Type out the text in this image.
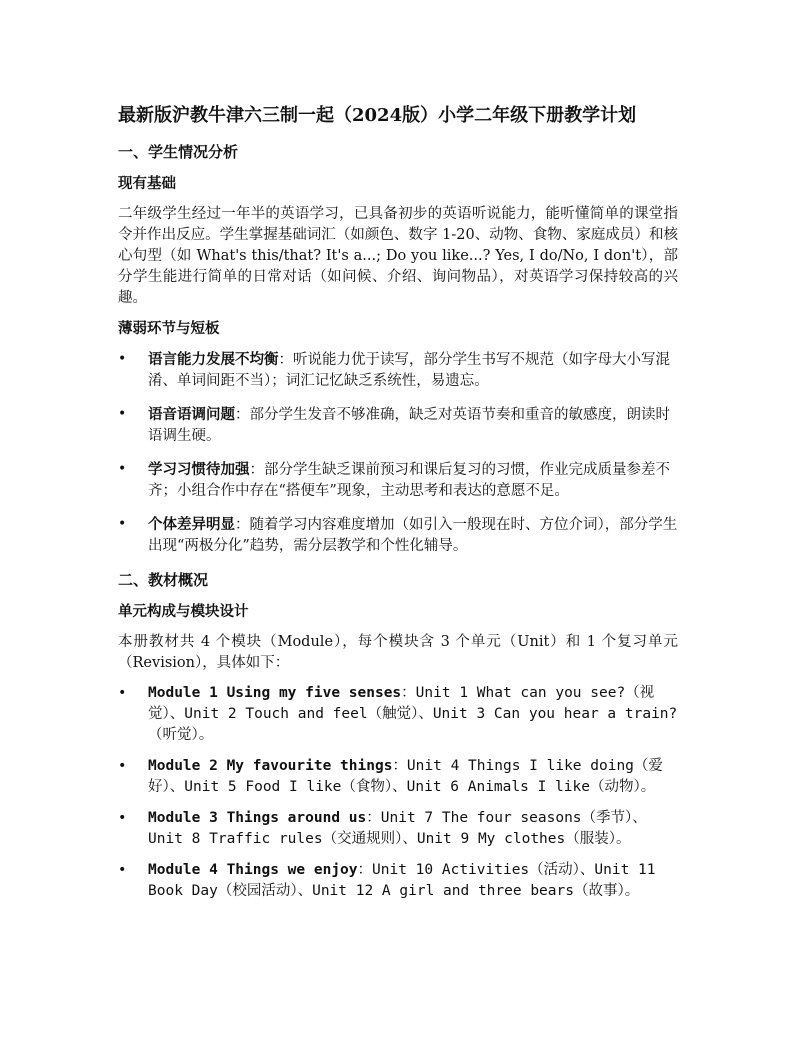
最新版沪教牛津六三制一起（2024版）小学二年级下册教学计划
一、学生情况分析
现有基础
二年级学生经过一年半的英语学习，已具备初步的英语听说能力，能听懂简单的课堂指令并作出反应。学生掌握基础词汇（如颜色、数字 1-20、动物、食物、家庭成员）和核心句型（如 What's this/that? It's a...; Do you like...? Yes, I do/No, I don't），部分学生能进行简单的日常对话（如问候、介绍、询问物品），对英语学习保持较高的兴趣。
薄弱环节与短板
• 语言能力发展不均衡：听说能力优于读写，部分学生书写不规范（如字母大小写混淆、单词间距不当）；词汇记忆缺乏系统性，易遗忘。
• 语音语调问题：部分学生发音不够准确，缺乏对英语节奏和重音的敏感度，朗读时语调生硬。
• 学习习惯待加强：部分学生缺乏课前预习和课后复习的习惯，作业完成质量参差不齐；小组合作中存在“搭便车”现象，主动思考和表达的意愿不足。
• 个体差异明显：随着学习内容难度增加（如引入一般现在时、方位介词），部分学生出现“两极分化”趋势，需分层教学和个性化辅导。
二、教材概况
单元构成与模块设计
本册教材共 4 个模块（Module），每个模块含 3 个单元（Unit）和 1 个复习单元（Revision），具体如下：
• Module 1 Using my five senses：Unit 1 What can you see?（视觉）、Unit 2 Touch and feel（触觉）、Unit 3 Can you hear a train?（听觉）。
• Module 2 My favourite things：Unit 4 Things I like doing（爱好）、Unit 5 Food I like（食物）、Unit 6 Animals I like（动物）。
• Module 3 Things around us：Unit 7 The four seasons（季节）、Unit 8 Traffic rules（交通规则）、Unit 9 My clothes（服装）。
• Module 4 Things we enjoy：Unit 10 Activities（活动）、Unit 11 Book Day（校园活动）、Unit 12 A girl and three bears（故事）。
